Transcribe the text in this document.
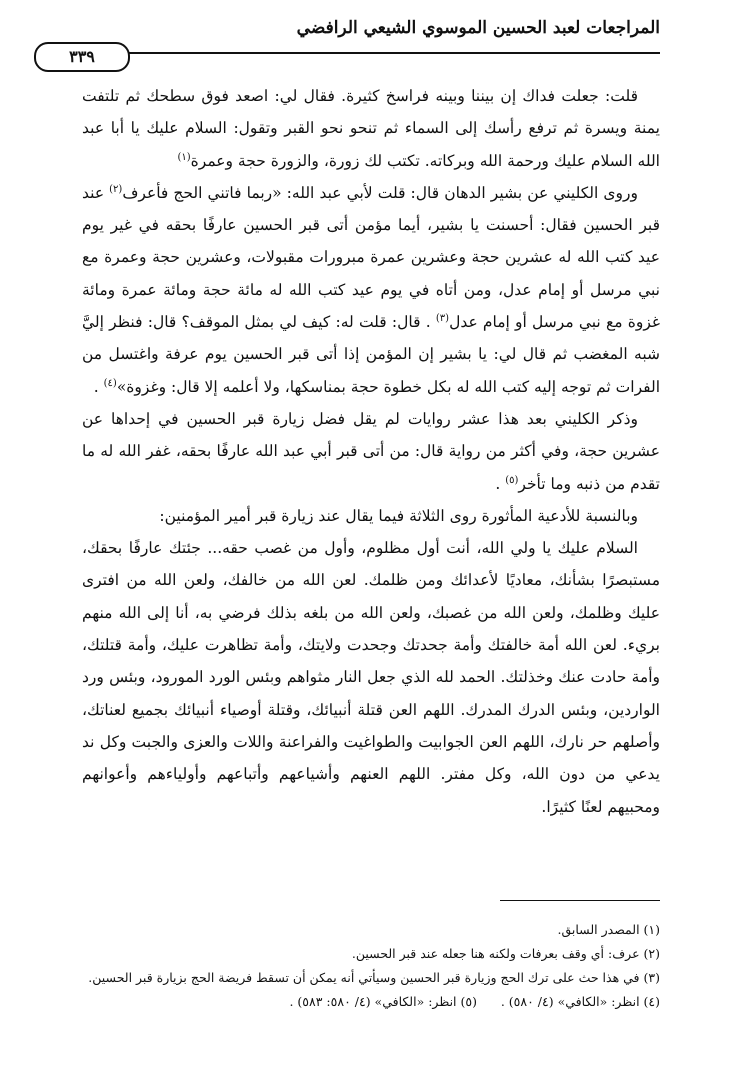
المراجعات لعبد الحسين الموسوي الشيعي الرافضي
٣٣٩

قلت: جعلت فداك إن بيننا وبينه فراسخ كثيرة. فقال لي: اصعد فوق سطحك ثم تلتفت يمنة ويسرة ثم ترفع رأسك إلى السماء ثم تنحو نحو القبر وتقول: السلام عليك يا أبا عبد الله السلام عليك ورحمة الله وبركاته. تكتب لك زورة، والزورة حجة وعمرة$^{(١)}$

وروى الكليني عن بشير الدهان قال: قلت لأبي عبد الله: «ربما فاتني الحج فأعرف$^{(٢)}$ عند قبر الحسين فقال: أحسنت يا بشير، أيما مؤمن أتى قبر الحسين عارفًا بحقه في غير يوم عيد كتب الله له عشرين حجة وعشرين عمرة مبرورات مقبولات، وعشرين حجة وعمرة مع نبي مرسل أو إمام عدل، ومن أتاه في يوم عيد كتب الله له مائة حجة ومائة عمرة ومائة غزوة مع نبي مرسل أو إمام عدل$^{(٣)}$ . قال: قلت له: كيف لي بمثل الموقف؟ قال: فنظر إليَّ شبه المغضب ثم قال لي: يا بشير إن المؤمن إذا أتى قبر الحسين يوم عرفة واغتسل من الفرات ثم توجه إليه كتب الله له بكل خطوة حجة بمناسكها، ولا أعلمه إلا قال: وغزوة»$^{(٤)}$ .

وذكر الكليني بعد هذا عشر روايات لم يقل فضل زيارة قبر الحسين في إحداها عن عشرين حجة، وفي أكثر من رواية قال: من أتى قبر أبي عبد الله عارفًا بحقه، غفر الله له ما تقدم من ذنبه وما تأخر$^{(٥)}$ .

وبالنسبة للأدعية المأثورة روى الثلاثة فيما يقال عند زيارة قبر أمير المؤمنين:

السلام عليك يا ولي الله، أنت أول مظلوم، وأول من غصب حقه... جئتك عارفًا بحقك، مستبصرًا بشأنك، معاديًا لأعدائك ومن ظلمك. لعن الله من خالفك، ولعن الله من افترى عليك وظلمك، ولعن الله من غصبك، ولعن الله من بلغه بذلك فرضي به، أنا إلى الله منهم بريء. لعن الله أمة خالفتك وأمة جحدتك وجحدت ولايتك، وأمة تظاهرت عليك، وأمة قتلتك، وأمة حادت عنك وخذلتك. الحمد لله الذي جعل النار مثواهم وبئس الورد المورود، وبئس ورد الواردين، وبئس الدرك المدرك. اللهم العن قتلة أنبيائك، وقتلة أوصياء أنبيائك بجميع لعناتك، وأصلهم حر نارك، اللهم العن الجوابيت والطواغيت والفراعنة واللات والعزى والجبت وكل ند يدعي من دون الله، وكل مفتر. اللهم العنهم وأشياعهم وأتباعهم وأولياءهم وأعوانهم ومحبيهم لعنًا كثيرًا.

(١) المصدر السابق.

(٢) عرف: أي وقف بعرفات ولكنه هنا جعله عند قبر الحسين.

(٣) في هذا حث على ترك الحج وزيارة قبر الحسين وسيأتي أنه يمكن أن تسقط فريضة الحج بزيارة قبر الحسين.

(٤) انظر: «الكافي» (٤/ ٥٨٠) .      (٥) انظر: «الكافي» (٤/ ٥٨٠: ٥٨٣) .
